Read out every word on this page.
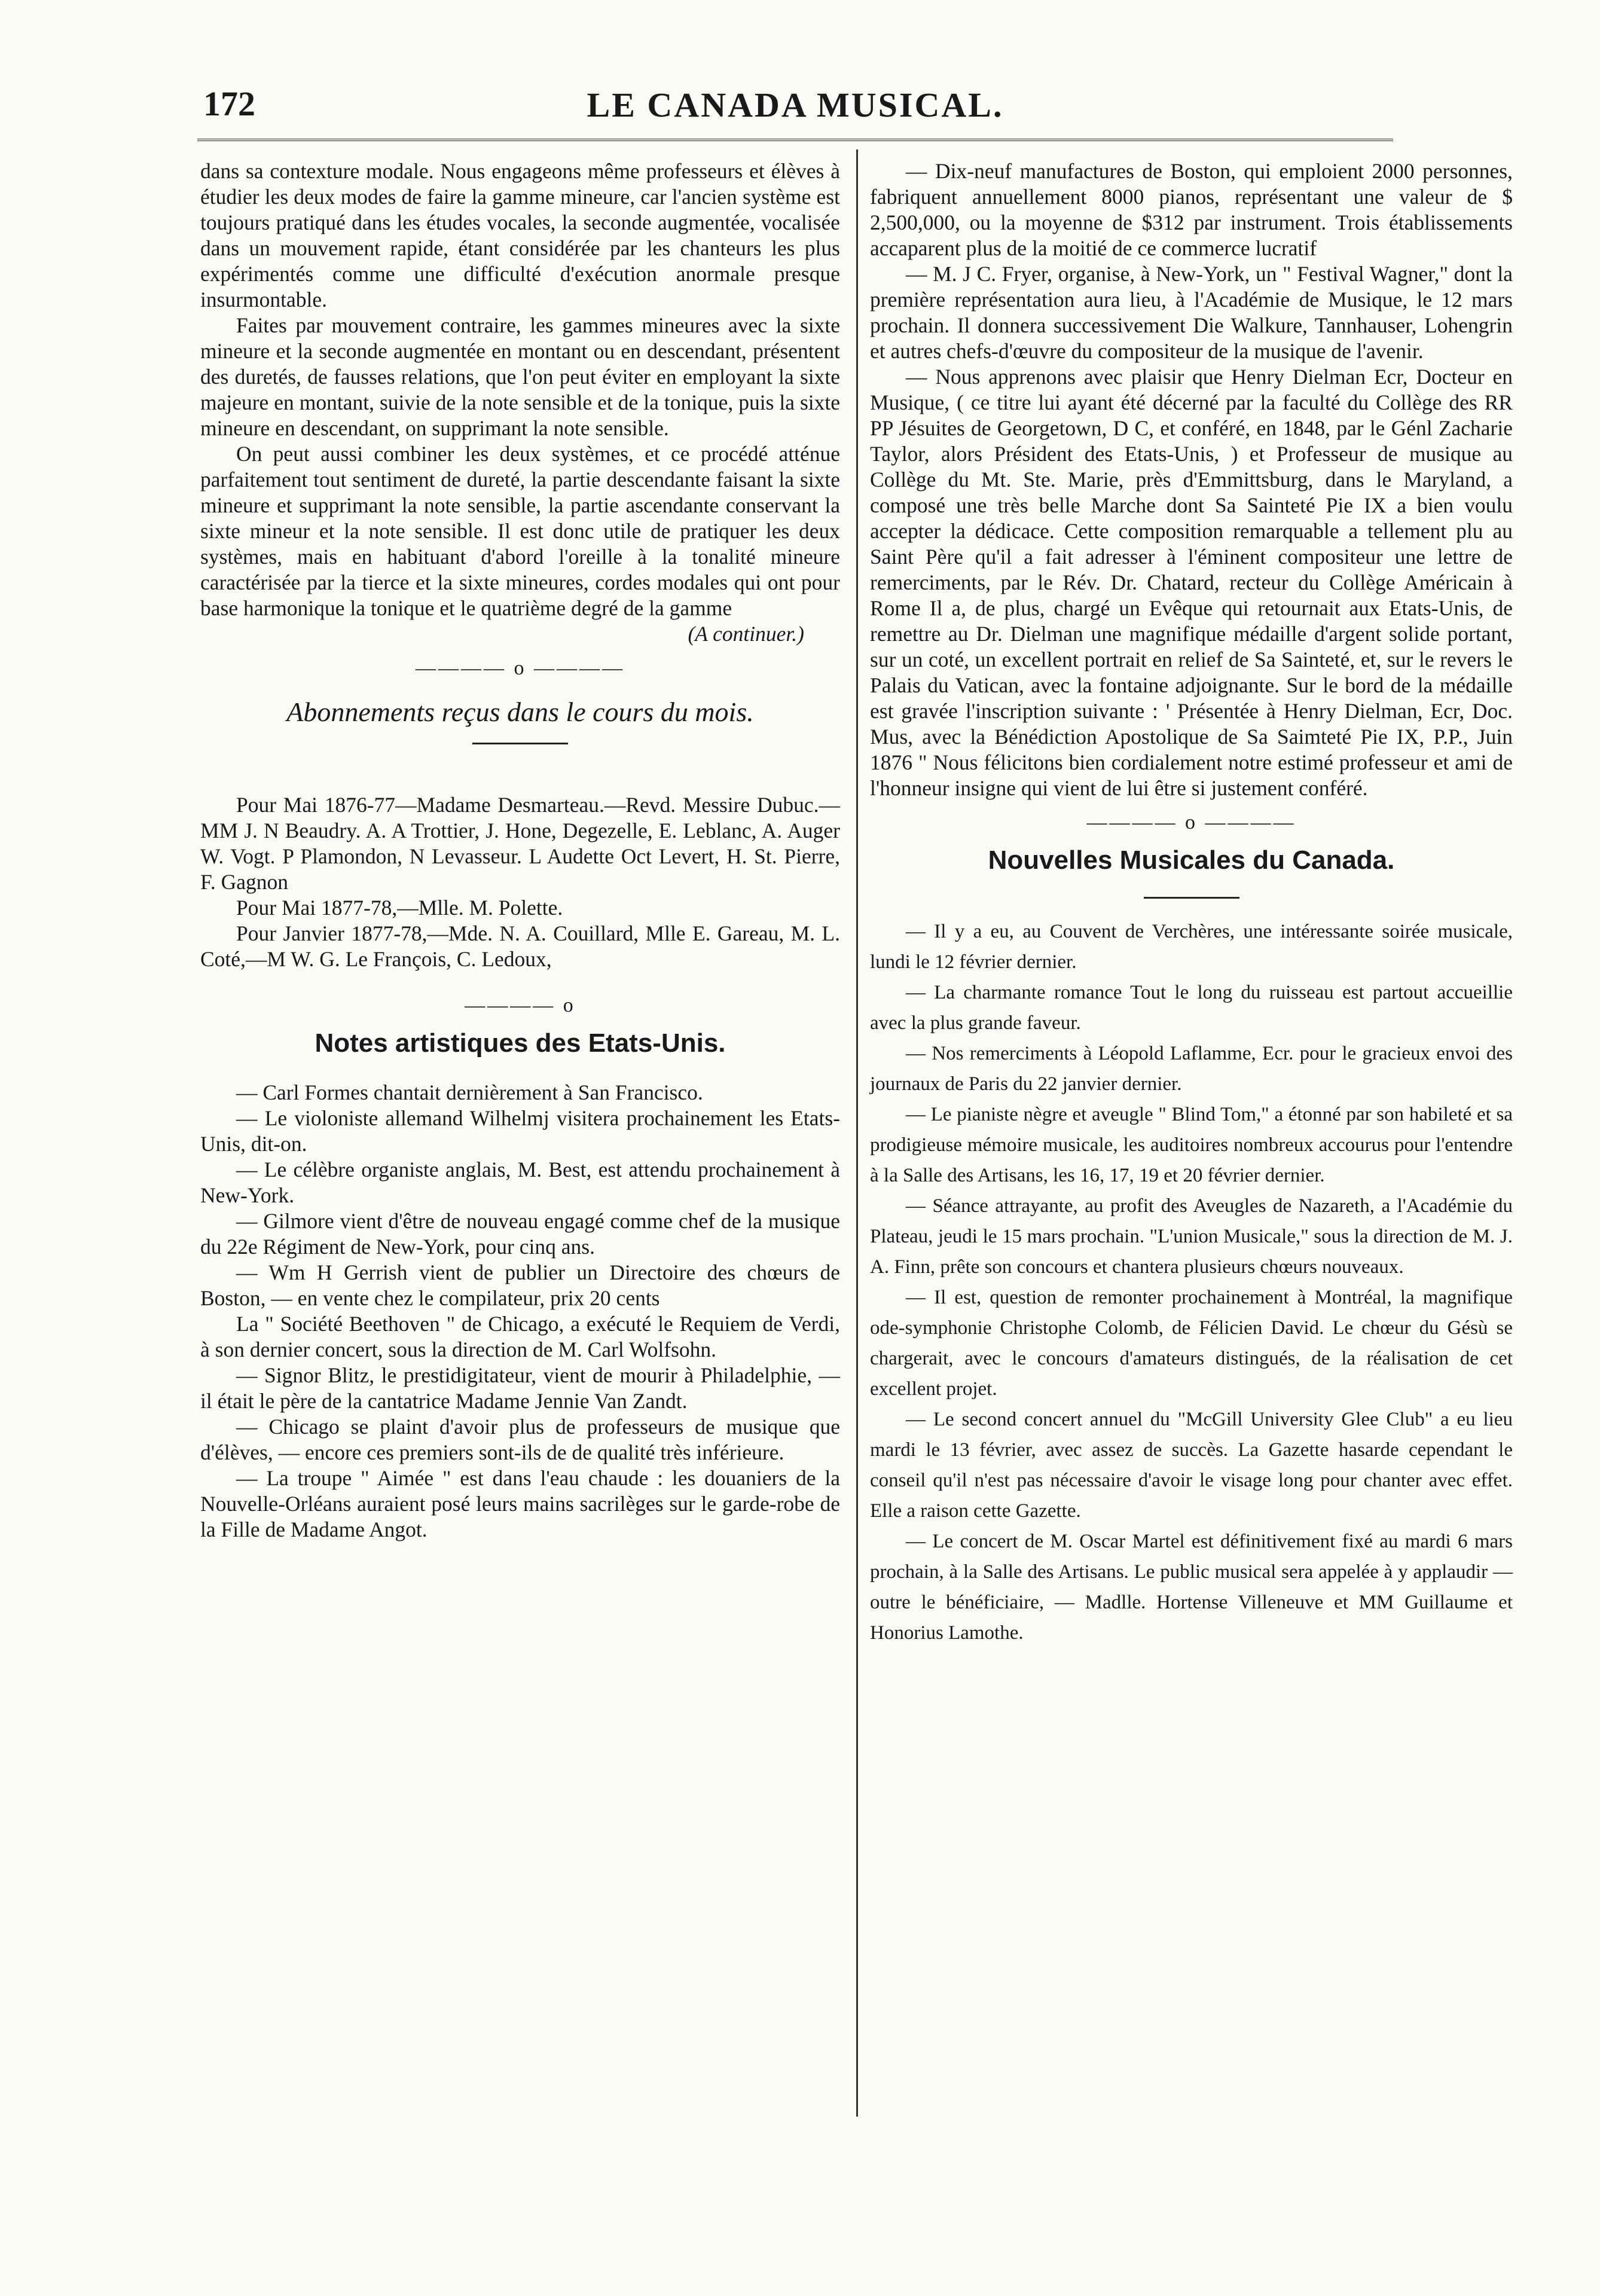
172	LE CANADA MUSICAL.

dans sa contexture modale. Nous engageons même professeurs et élèves à étudier les deux modes de faire la gamme mineure, car l'ancien système est toujours pratiqué dans les études vocales, la seconde augmentée, vocalisée dans un mouvement rapide, étant considérée par les chanteurs les plus expérimentés comme une difficulté d'exécution anormale presque insurmontable.

Faites par mouvement contraire, les gammes mineures avec la sixte mineure et la seconde augmentée en montant ou en descendant, présentent des duretés, de fausses relations, que l'on peut éviter en employant la sixte majeure en montant, suivie de la note sensible et de la tonique, puis la sixte mineure en descendant, on supprimant la note sensible.

On peut aussi combiner les deux systèmes, et ce procédé atténue parfaitement tout sentiment de dureté, la partie descendante faisant la sixte mineure et supprimant la note sensible, la partie ascendante conservant la sixte mineur et la note sensible. Il est donc utile de pratiquer les deux systèmes, mais en habituant d'abord l'oreille à la tonalité mineure caractérisée par la tierce et la sixte mineures, cordes modales qui ont pour base harmonique la tonique et le quatrième degré de la gamme

(A continuer.)
———— o ————
Abonnements reçus dans le cours du mois.

Pour Mai 1876-77—Madame Desmarteau.—Revd. Messire Dubuc.—MM J. N Beaudry. A. A Trottier, J. Hone, Degezelle, E. Leblanc, A. Auger W. Vogt. P Plamondon, N Levasseur. L Audette Oct Levert, H. St. Pierre, F. Gagnon

Pour Mai 1877-78,—Mlle. M. Polette.

Pour Janvier 1877-78,—Mde. N. A. Couillard, Mlle E. Gareau, M. L. Coté,—M W. G. Le François, C. Ledoux,

———— o
Notes artistiques des Etats-Unis.

— Carl Formes chantait dernièrement à San Francisco.

— Le violoniste allemand Wilhelmj visitera prochainement les Etats-Unis, dit-on.

— Le célèbre organiste anglais, M. Best, est attendu prochainement à New-York.

— Gilmore vient d'être de nouveau engagé comme chef de la musique du 22e Régiment de New-York, pour cinq ans.

— Wm H Gerrish vient de publier un Directoire des chœurs de Boston, — en vente chez le compilateur, prix 20 cents

La " Société Beethoven " de Chicago, a exécuté le Requiem de Verdi, à son dernier concert, sous la direction de M. Carl Wolfsohn.

— Signor Blitz, le prestidigitateur, vient de mourir à Philadelphie, — il était le père de la cantatrice Madame Jennie Van Zandt.

— Chicago se plaint d'avoir plus de professeurs de musique que d'élèves, — encore ces premiers sont-ils de de qualité très inférieure.

— La troupe " Aimée " est dans l'eau chaude : les douaniers de la Nouvelle-Orléans auraient posé leurs mains sacrilèges sur le garde-robe de la Fille de Madame Angot.

— Dix-neuf manufactures de Boston, qui emploient 2000 personnes, fabriquent annuellement 8000 pianos, représentant une valeur de $ 2,500,000, ou la moyenne de $312 par instrument. Trois établissements accaparent plus de la moitié de ce commerce lucratif

— M. J C. Fryer, organise, à New-York, un " Festival Wagner," dont la première représentation aura lieu, à l'Académie de Musique, le 12 mars prochain. Il donnera successivement Die Walkure, Tannhauser, Lohengrin et autres chefs-d'œuvre du compositeur de la musique de l'avenir.

— Nous apprenons avec plaisir que Henry Dielman Ecr, Docteur en Musique, ( ce titre lui ayant été décerné par la faculté du Collège des RR PP Jésuites de Georgetown, D C, et conféré, en 1848, par le Génl Zacharie Taylor, alors Président des Etats-Unis, ) et Professeur de musique au Collège du Mt. Ste. Marie, près d'Emmittsburg, dans le Maryland, a composé une très belle Marche dont Sa Sainteté Pie IX a bien voulu accepter la dédicace. Cette composition remarquable a tellement plu au Saint Père qu'il a fait adresser à l'éminent compositeur une lettre de remerciments, par le Rév. Dr. Chatard, recteur du Collège Américain à Rome Il a, de plus, chargé un Evêque qui retournait aux Etats-Unis, de remettre au Dr. Dielman une magnifique médaille d'argent solide portant, sur un coté, un excellent portrait en relief de Sa Sainteté, et, sur le revers le Palais du Vatican, avec la fontaine adjoignante. Sur le bord de la médaille est gravée l'inscription suivante : ' Présentée à Henry Dielman, Ecr, Doc. Mus, avec la Bénédiction Apostolique de Sa Saimteté Pie IX, P.P., Juin 1876 " Nous félicitons bien cordialement notre estimé professeur et ami de l'honneur insigne qui vient de lui être si justement conféré.

———— o ————
Nouvelles Musicales du Canada.

— Il y a eu, au Couvent de Verchères, une intéressante soirée musicale, lundi le 12 février dernier.

— La charmante romance Tout le long du ruisseau est partout accueillie avec la plus grande faveur.

— Nos remerciments à Léopold Laflamme, Ecr. pour le gracieux envoi des journaux de Paris du 22 janvier dernier.

— Le pianiste nègre et aveugle " Blind Tom," a étonné par son habileté et sa prodigieuse mémoire musicale, les auditoires nombreux accourus pour l'entendre à la Salle des Artisans, les 16, 17, 19 et 20 février dernier.

— Séance attrayante, au profit des Aveugles de Nazareth, a l'Académie du Plateau, jeudi le 15 mars prochain. "L'union Musicale," sous la direction de M. J. A. Finn, prête son concours et chantera plusieurs chœurs nouveaux.

— Il est, question de remonter prochainement à Montréal, la magnifique ode-symphonie Christophe Colomb, de Félicien David. Le chœur du Gésù se chargerait, avec le concours d'amateurs distingués, de la réalisation de cet excellent projet.

— Le second concert annuel du "McGill University Glee Club" a eu lieu mardi le 13 février, avec assez de succès. La Gazette hasarde cependant le conseil qu'il n'est pas nécessaire d'avoir le visage long pour chanter avec effet. Elle a raison cette Gazette.

— Le concert de M. Oscar Martel est définitivement fixé au mardi 6 mars prochain, à la Salle des Artisans. Le public musical sera appelée à y applaudir — outre le bénéficiaire, — Madlle. Hortense Villeneuve et MM Guillaume et Honorius Lamothe.
